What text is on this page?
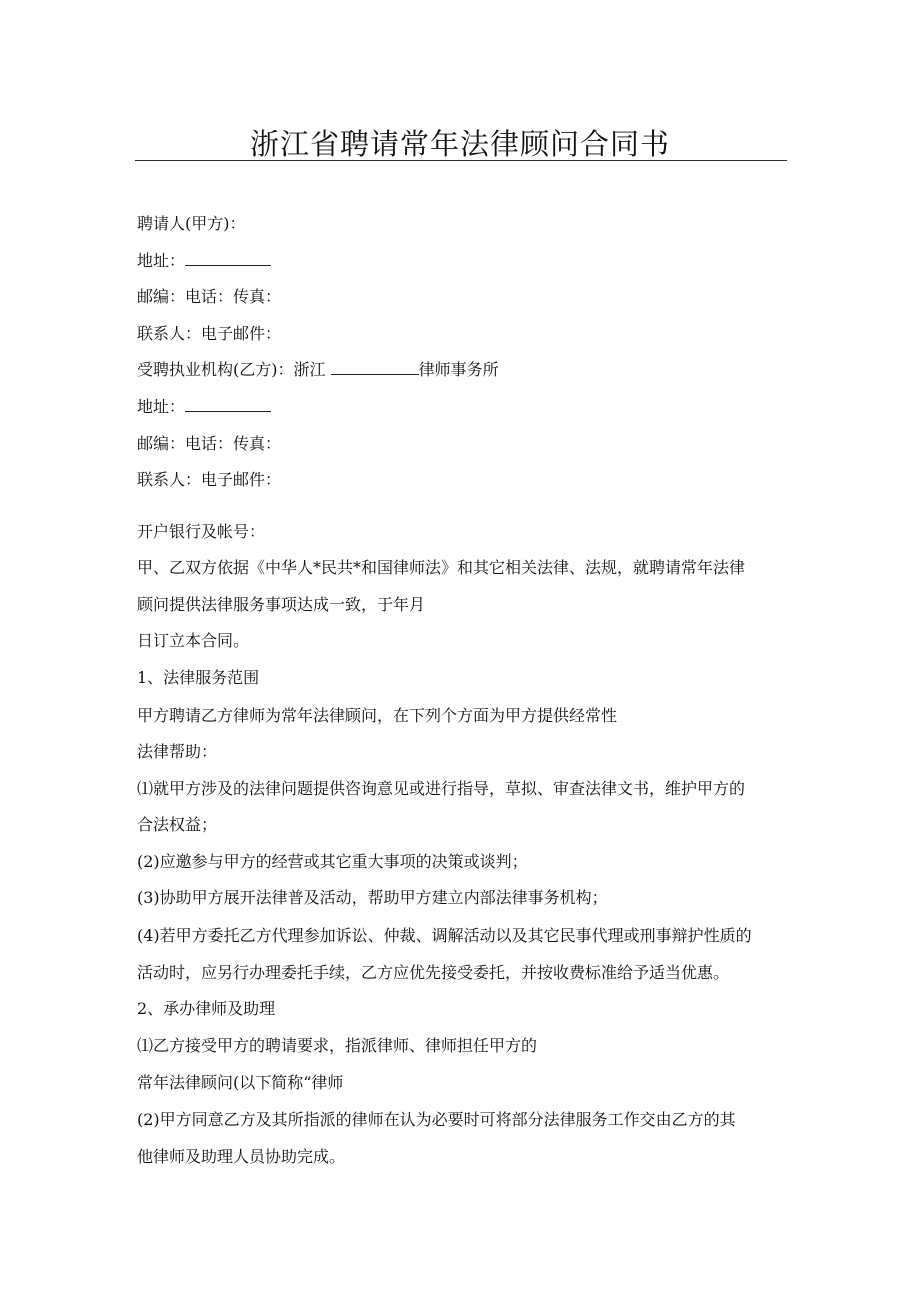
浙江省聘请常年法律顾问合同书
聘请人(甲方)：
地址：
邮编：电话：传真：
联系人：电子邮件：
受聘执业机构(乙方)：浙江	律师事务所
地址：
邮编：电话：传真：
联系人：电子邮件：
开户银行及帐号：
甲、乙双方依据《中华人*民共*和国律师法》和其它相关法律、法规，就聘请常年法律
顾问提供法律服务事项达成一致，于年月
日订立本合同。
1、法律服务范围
甲方聘请乙方律师为常年法律顾问，在下列个方面为甲方提供经常性
法律帮助：
⑴就甲方涉及的法律问题提供咨询意见或进行指导，草拟、审查法律文书，维护甲方的
合法权益；
(2)应邀参与甲方的经营或其它重大事项的决策或谈判；
(3)协助甲方展开法律普及活动，帮助甲方建立内部法律事务机构；
(4)若甲方委托乙方代理参加诉讼、仲裁、调解活动以及其它民事代理或刑事辩护性质的
活动时，应另行办理委托手续，乙方应优先接受委托，并按收费标准给予适当优惠。
2、承办律师及助理
⑴乙方接受甲方的聘请要求，指派律师、律师担任甲方的
常年法律顾问(以下简称“律师
(2)甲方同意乙方及其所指派的律师在认为必要时可将部分法律服务工作交由乙方的其
他律师及助理人员协助完成。
